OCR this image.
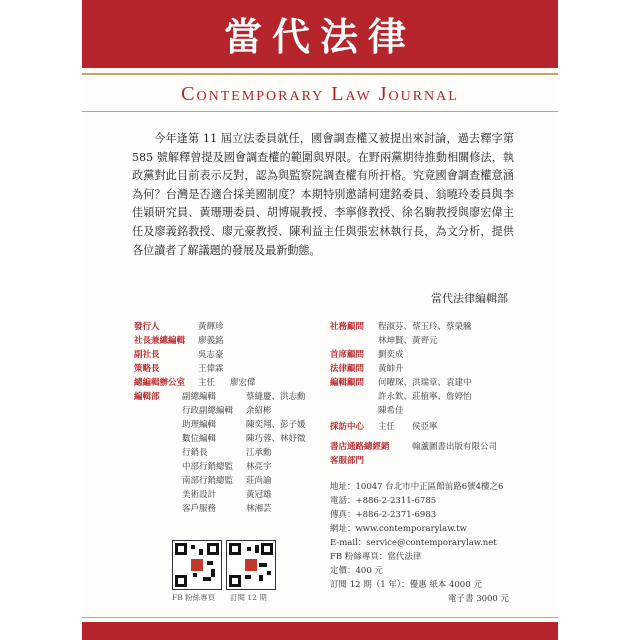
當代法律
Contemporary Law Journal
今年逢第 11 屆立法委員就任，國會調查權又被提出來討論，過去釋字第 585 號解釋曾提及國會調查權的範圍與界限。在野兩黨期待推動相關修法，執政黨對此目前表示反對，認為與監察院調查權有所扞格。究竟國會調查權意涵為何？台灣是否適合採美國制度？本期特別邀請柯建銘委員、翁曉玲委員與李佳穎研究員、黃珊珊委員、胡博硯教授、李寧修教授、徐名駒教授與廖宏偉主任及廖義銘教授、廖元豪教授、陳利益主任與張宏林執行長，為文分析，提供各位讀者了解議題的發展及最新動態。
當代法律編輯部
發行人	黃輝珍
社長兼總編輯 廖義銘
副社長	吳志豪
策略長	王偉霖
總編輯辦公室 主任 廖宏偉
編輯部	副總編輯	蔡縫慶、洪志勳
行政副總編輯 余紹彬
助理編輯	陳奕翔、彭子媛
數位編輯	陳巧蓉、林妤徵
行銷長	江承勳
中部行銷總監 林亮宇
南部行銷總監 莊尚諭
美術設計	黃冠雄
客戶服務	林湘芸
社務顧問 程淑芬、蔡玉玲、蔡榮騰
林坤賢、黃齊元
首席顧問 劉奕成
法律顧問 黃帥升
編輯顧問 何曜琛、洪瑞章、袁建中
許永欽、莊植寧、詹婷怡
陳希佳
採訪中心 主任　　侯亞寧
書店通路總經銷	翰蘆圖書出版有限公司
客服部門
地址：10047 台北市中正區館前路6號4樓之6
電話：+886-2-2311-6785
傳真：+886-2-2371-6983
網址：www.contemporarylaw.tw
E-mail：service@contemporarylaw.net
FB 粉絲專頁：當代法律
定價：400 元
訂閱 12 期（1 年）：優惠 紙本 4000 元
電子書 3000 元
FB 粉絲專頁 訂閱 12 期
